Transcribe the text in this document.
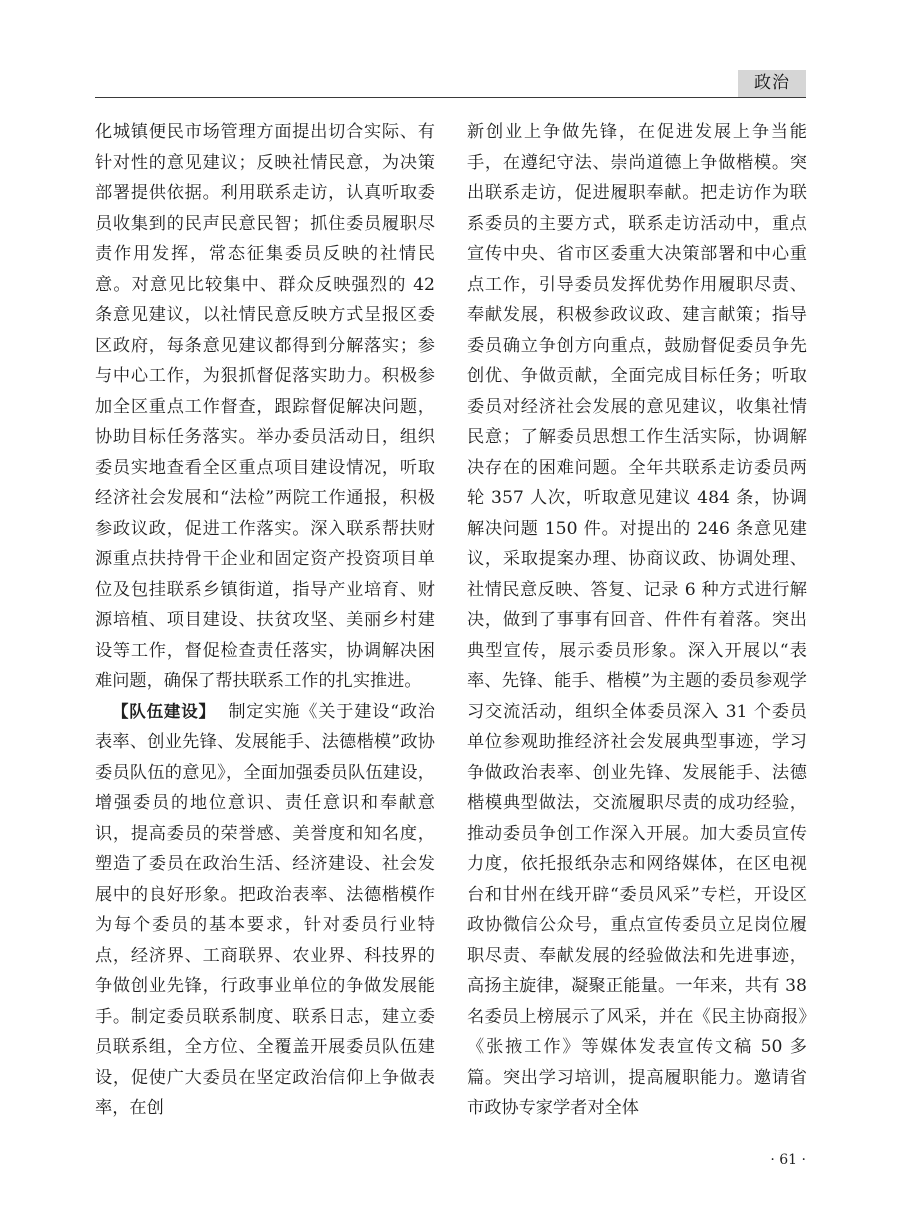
政治

化城镇便民市场管理方面提出切合实际、有针对性的意见建议；反映社情民意，为决策部署提供依据。利用联系走访，认真听取委员收集到的民声民意民智；抓住委员履职尽责作用发挥，常态征集委员反映的社情民意。对意见比较集中、群众反映强烈的 42 条意见建议，以社情民意反映方式呈报区委区政府，每条意见建议都得到分解落实；参与中心工作，为狠抓督促落实助力。积极参加全区重点工作督查，跟踪督促解决问题，协助目标任务落实。举办委员活动日，组织委员实地查看全区重点项目建设情况，听取经济社会发展和“法检”两院工作通报，积极参政议政，促进工作落实。深入联系帮扶财源重点扶持骨干企业和固定资产投资项目单位及包挂联系乡镇街道，指导产业培育、财源培植、项目建设、扶贫攻坚、美丽乡村建设等工作，督促检查责任落实，协调解决困难问题，确保了帮扶联系工作的扎实推进。

【队伍建设】 制定实施《关于建设“政治表率、创业先锋、发展能手、法德楷模”政协委员队伍的意见》，全面加强委员队伍建设，增强委员的地位意识、责任意识和奉献意识，提高委员的荣誉感、美誉度和知名度，塑造了委员在政治生活、经济建设、社会发展中的良好形象。把政治表率、法德楷模作为每个委员的基本要求，针对委员行业特点，经济界、工商联界、农业界、科技界的争做创业先锋，行政事业单位的争做发展能手。制定委员联系制度、联系日志，建立委员联系组，全方位、全覆盖开展委员队伍建设，促使广大委员在坚定政治信仰上争做表率，在创

新创业上争做先锋，在促进发展上争当能手，在遵纪守法、崇尚道德上争做楷模。突出联系走访，促进履职奉献。把走访作为联系委员的主要方式，联系走访活动中，重点宣传中央、省市区委重大决策部署和中心重点工作，引导委员发挥优势作用履职尽责、奉献发展，积极参政议政、建言献策；指导委员确立争创方向重点，鼓励督促委员争先创优、争做贡献，全面完成目标任务；听取委员对经济社会发展的意见建议，收集社情民意；了解委员思想工作生活实际，协调解决存在的困难问题。全年共联系走访委员两轮 357 人次，听取意见建议 484 条，协调解决问题 150 件。对提出的 246 条意见建议，采取提案办理、协商议政、协调处理、社情民意反映、答复、记录 6 种方式进行解决，做到了事事有回音、件件有着落。突出典型宣传，展示委员形象。深入开展以“表率、先锋、能手、楷模”为主题的委员参观学习交流活动，组织全体委员深入 31 个委员单位参观助推经济社会发展典型事迹，学习争做政治表率、创业先锋、发展能手、法德楷模典型做法，交流履职尽责的成功经验，推动委员争创工作深入开展。加大委员宣传力度，依托报纸杂志和网络媒体，在区电视台和甘州在线开辟“委员风采”专栏，开设区政协微信公众号，重点宣传委员立足岗位履职尽责、奉献发展的经验做法和先进事迹，高扬主旋律，凝聚正能量。一年来，共有 38 名委员上榜展示了风采，并在《民主协商报》《张掖工作》等媒体发表宣传文稿 50 多篇。突出学习培训，提高履职能力。邀请省市政协专家学者对全体

· 61 ·
